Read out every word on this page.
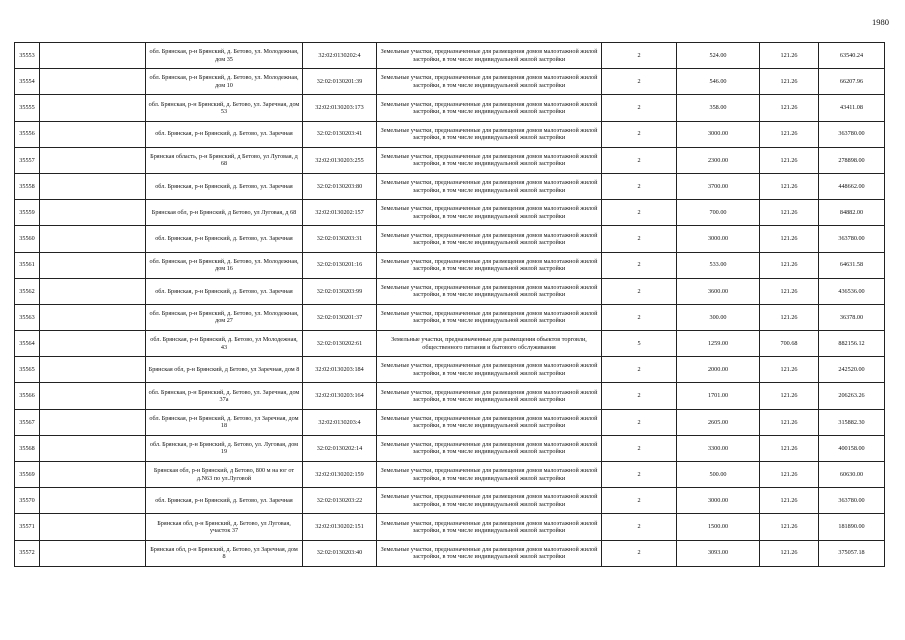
1980
35553		обл. Брянская, р-н Брянский, д. Бетово, ул. Молодежная, дом 35	32:02:0130202:4	Земельные участки, предназначенные для размещения домов малоэтажной жилой застройки, в том числе индивидуальной жилой застройки	2	524.00	121.26	63540.24
35554		обл. Брянская, р-н Брянский, д. Бетово, ул. Молодежная, дом 10	32:02:0130201:39	Земельные участки, предназначенные для размещения домов малоэтажной жилой застройки, в том числе индивидуальной жилой застройки	2	546.00	121.26	66207.96
35555		обл. Брянская, р-н Брянский, д. Бетово, ул. Заречная, дом 53	32:02:0130203:173	Земельные участки, предназначенные для размещения домов малоэтажной жилой застройки, в том числе индивидуальной жилой застройки	2	358.00	121.26	43411.08
35556		обл. Брянская, р-н Брянский, д. Бетово, ул. Заречная	32:02:0130203:41	Земельные участки, предназначенные для размещения домов малоэтажной жилой застройки, в том числе индивидуальной жилой застройки	2	3000.00	121.26	363780.00
35557		Брянская область, р-н Брянский, д Бетово, ул Луговая, д 68	32:02:0130203:255	Земельные участки, предназначенные для размещения домов малоэтажной жилой застройки, в том числе индивидуальной жилой застройки	2	2300.00	121.26	278898.00
35558		обл. Брянская, р-н Брянский, д. Бетово, ул. Заречная	32:02:0130203:80	Земельные участки, предназначенные для размещения домов малоэтажной жилой застройки, в том числе индивидуальной жилой застройки	2	3700.00	121.26	448662.00
35559		Брянская обл, р-н Брянский, д Бетово, ул Луговая, д 68	32:02:0130202:157	Земельные участки, предназначенные для размещения домов малоэтажной жилой застройки, в том числе индивидуальной жилой застройки	2	700.00	121.26	84882.00
35560		обл. Брянская, р-н Брянский, д. Бетово, ул. Заречная	32:02:0130203:31	Земельные участки, предназначенные для размещения домов малоэтажной жилой застройки, в том числе индивидуальной жилой застройки	2	3000.00	121.26	363780.00
35561		обл. Брянская, р-н Брянский, д. Бетово, ул. Молодежная, дом 16	32:02:0130201:16	Земельные участки, предназначенные для размещения домов малоэтажной жилой застройки, в том числе индивидуальной жилой застройки	2	533.00	121.26	64631.58
35562		обл. Брянская, р-н Брянский, д. Бетово, ул. Заречная	32:02:0130203:99	Земельные участки, предназначенные для размещения домов малоэтажной жилой застройки, в том числе индивидуальной жилой застройки	2	3600.00	121.26	436536.00
35563		обл. Брянская, р-н Брянский, д. Бетово, ул. Молодежная, дом 27	32:02:0130201:37	Земельные участки, предназначенные для размещения домов малоэтажной жилой застройки, в том числе индивидуальной жилой застройки	2	300.00	121.26	36378.00
35564		обл. Брянская, р-н Брянский, д. Бетово, ул Молодежная, 43	32:02:0130202:61	Земельные участки, предназначенные для размещения объектов торговли, общественного питания и бытового обслуживания	5	1259.00	700.68	882156.12
35565		Брянская обл, р-н Брянский, д Бетово, ул Заречная, дом 8	32:02:0130203:184	Земельные участки, предназначенные для размещения домов малоэтажной жилой застройки, в том числе индивидуальной жилой застройки	2	2000.00	121.26	242520.00
35566		обл. Брянская, р-н Брянский, д. Бетово, ул. Заречная, дом 37а	32:02:0130203:164	Земельные участки, предназначенные для размещения домов малоэтажной жилой застройки, в том числе индивидуальной жилой застройки	2	1701.00	121.26	206263.26
35567		обл. Брянская, р-н Брянский, д. Бетово, ул Заречная, дом 18	32:02:0130203:4	Земельные участки, предназначенные для размещения домов малоэтажной жилой застройки, в том числе индивидуальной жилой застройки	2	2605.00	121.26	315882.30
35568		обл. Брянская, р-н Брянский, д. Бетово, ул. Луговая, дом 19	32:02:0130202:14	Земельные участки, предназначенные для размещения домов малоэтажной жилой застройки, в том числе индивидуальной жилой застройки	2	3300.00	121.26	400158.00
35569		Брянская обл, р-н Брянский, д Бетово, 800 м на юг от д.N63 по ул.Луговой	32:02:0130202:159	Земельные участки, предназначенные для размещения домов малоэтажной жилой застройки, в том числе индивидуальной жилой застройки	2	500.00	121.26	60630.00
35570		обл. Брянская, р-н Брянский, д. Бетово, ул. Заречная	32:02:0130203:22	Земельные участки, предназначенные для размещения домов малоэтажной жилой застройки, в том числе индивидуальной жилой застройки	2	3000.00	121.26	363780.00
35571		Брянская обл, р-н Брянский, д. Бетово, ул Луговая, участок 37	32:02:0130202:151	Земельные участки, предназначенные для размещения домов малоэтажной жилой застройки, в том числе индивидуальной жилой застройки	2	1500.00	121.26	181890.00
35572		Брянская обл, р-н Брянский, д. Бетово, ул Заречная, дом 8	32:02:0130203:40	Земельные участки, предназначенные для размещения домов малоэтажной жилой застройки, в том числе индивидуальной жилой застройки	2	3093.00	121.26	375057.18
